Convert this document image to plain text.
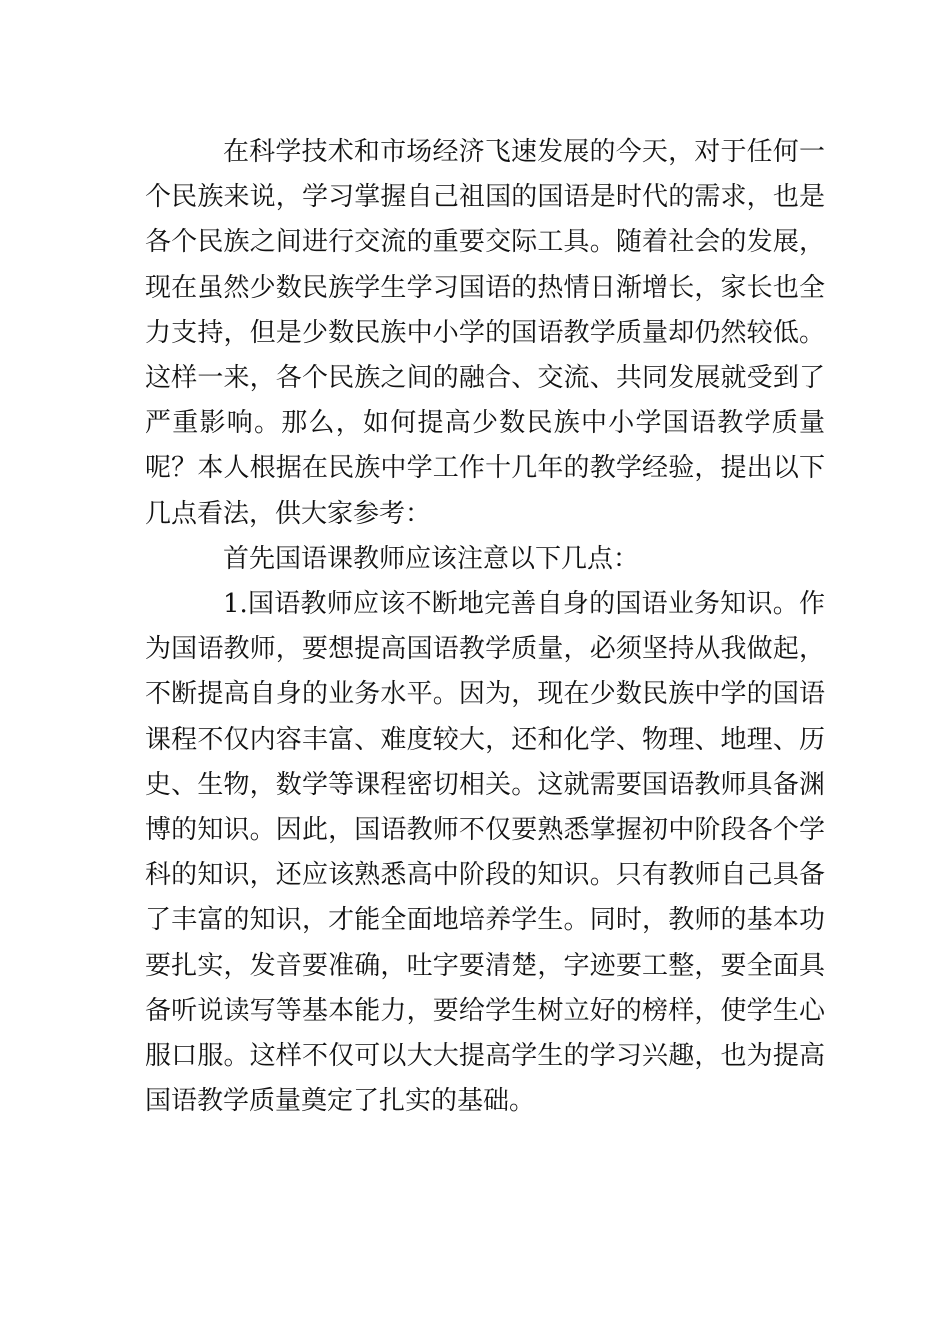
在科学技术和市场经济飞速发展的今天，对于任何一个民族来说，学习掌握自己祖国的国语是时代的需求，也是各个民族之间进行交流的重要交际工具。随着社会的发展，现在虽然少数民族学生学习国语的热情日渐增长，家长也全力支持，但是少数民族中小学的国语教学质量却仍然较低。这样一来，各个民族之间的融合、交流、共同发展就受到了严重影响。那么，如何提高少数民族中小学国语教学质量呢？本人根据在民族中学工作十几年的教学经验，提出以下几点看法，供大家参考：

首先国语课教师应该注意以下几点：

1.国语教师应该不断地完善自身的国语业务知识。作为国语教师，要想提高国语教学质量，必须坚持从我做起，不断提高自身的业务水平。因为，现在少数民族中学的国语课程不仅内容丰富、难度较大，还和化学、物理、地理、历史、生物，数学等课程密切相关。这就需要国语教师具备渊博的知识。因此，国语教师不仅要熟悉掌握初中阶段各个学科的知识，还应该熟悉高中阶段的知识。只有教师自己具备了丰富的知识，才能全面地培养学生。同时，教师的基本功要扎实，发音要准确，吐字要清楚，字迹要工整，要全面具备听说读写等基本能力，要给学生树立好的榜样，使学生心服口服。这样不仅可以大大提高学生的学习兴趣，也为提高国语教学质量奠定了扎实的基础。
